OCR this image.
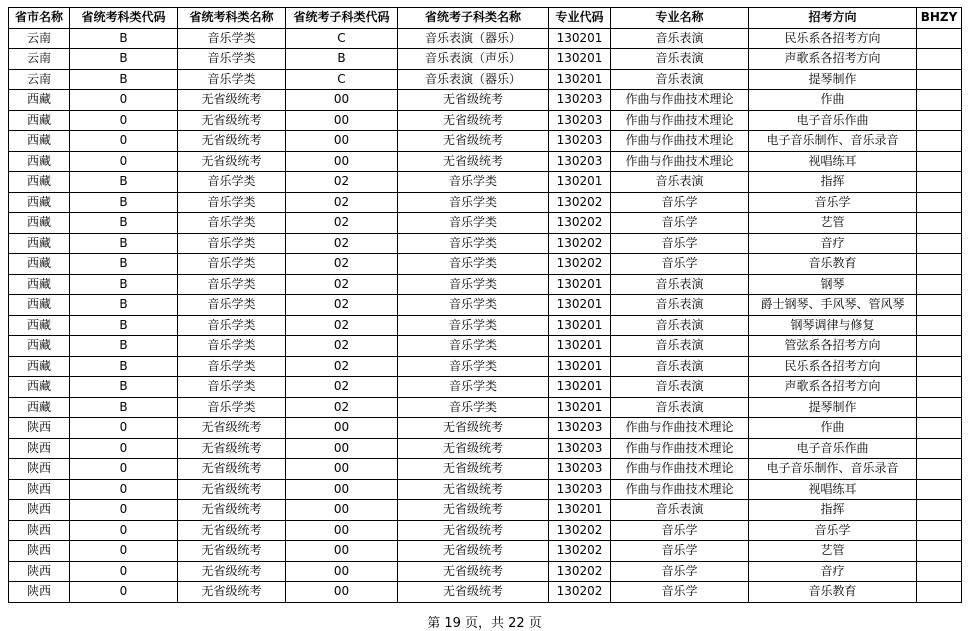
省市名称	省统考科类代码	省统考科类名称	省统考子科类代码	省统考子科类名称	专业代码	专业名称	招考方向	BHZY
云南	B	音乐学类	C	音乐表演（器乐）	130201	音乐表演	民乐系各招考方向	
云南	B	音乐学类	B	音乐表演（声乐）	130201	音乐表演	声歌系各招考方向	
云南	B	音乐学类	C	音乐表演（器乐）	130201	音乐表演	提琴制作	
西藏	0	无省级统考	00	无省级统考	130203	作曲与作曲技术理论	作曲	
西藏	0	无省级统考	00	无省级统考	130203	作曲与作曲技术理论	电子音乐作曲	
西藏	0	无省级统考	00	无省级统考	130203	作曲与作曲技术理论	电子音乐制作、音乐录音	
西藏	0	无省级统考	00	无省级统考	130203	作曲与作曲技术理论	视唱练耳	
西藏	B	音乐学类	02	音乐学类	130201	音乐表演	指挥	
西藏	B	音乐学类	02	音乐学类	130202	音乐学	音乐学	
西藏	B	音乐学类	02	音乐学类	130202	音乐学	艺管	
西藏	B	音乐学类	02	音乐学类	130202	音乐学	音疗	
西藏	B	音乐学类	02	音乐学类	130202	音乐学	音乐教育	
西藏	B	音乐学类	02	音乐学类	130201	音乐表演	钢琴	
西藏	B	音乐学类	02	音乐学类	130201	音乐表演	爵士钢琴、手风琴、管风琴	
西藏	B	音乐学类	02	音乐学类	130201	音乐表演	钢琴调律与修复	
西藏	B	音乐学类	02	音乐学类	130201	音乐表演	管弦系各招考方向	
西藏	B	音乐学类	02	音乐学类	130201	音乐表演	民乐系各招考方向	
西藏	B	音乐学类	02	音乐学类	130201	音乐表演	声歌系各招考方向	
西藏	B	音乐学类	02	音乐学类	130201	音乐表演	提琴制作	
陕西	0	无省级统考	00	无省级统考	130203	作曲与作曲技术理论	作曲	
陕西	0	无省级统考	00	无省级统考	130203	作曲与作曲技术理论	电子音乐作曲	
陕西	0	无省级统考	00	无省级统考	130203	作曲与作曲技术理论	电子音乐制作、音乐录音	
陕西	0	无省级统考	00	无省级统考	130203	作曲与作曲技术理论	视唱练耳	
陕西	0	无省级统考	00	无省级统考	130201	音乐表演	指挥	
陕西	0	无省级统考	00	无省级统考	130202	音乐学	音乐学	
陕西	0	无省级统考	00	无省级统考	130202	音乐学	艺管	
陕西	0	无省级统考	00	无省级统考	130202	音乐学	音疗	
陕西	0	无省级统考	00	无省级统考	130202	音乐学	音乐教育	
第 19 页，共 22 页
